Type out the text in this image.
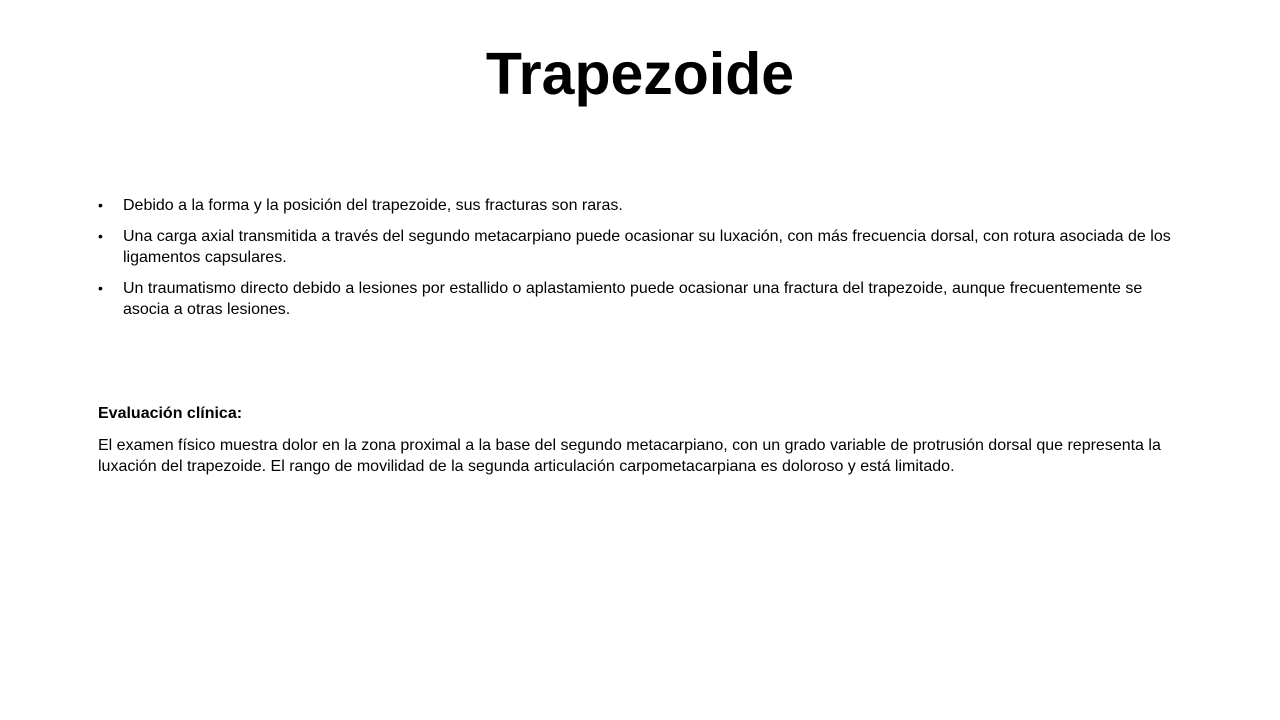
Trapezoide
• Debido a la forma y la posición del trapezoide, sus fracturas son raras.
• Una carga axial transmitida a través del segundo metacarpiano puede ocasionar su luxación, con más frecuencia dorsal, con rotura asociada de los ligamentos capsulares.
• Un traumatismo directo debido a lesiones por estallido o aplastamiento puede ocasionar una fractura del trapezoide, aunque frecuentemente se asocia a otras lesiones.

Evaluación clínica:

El examen físico muestra dolor en la zona proximal a la base del segundo metacarpiano, con un grado variable de protrusión dorsal que representa la luxación del trapezoide. El rango de movilidad de la segunda articulación carpometacarpiana es doloroso y está limitado.
